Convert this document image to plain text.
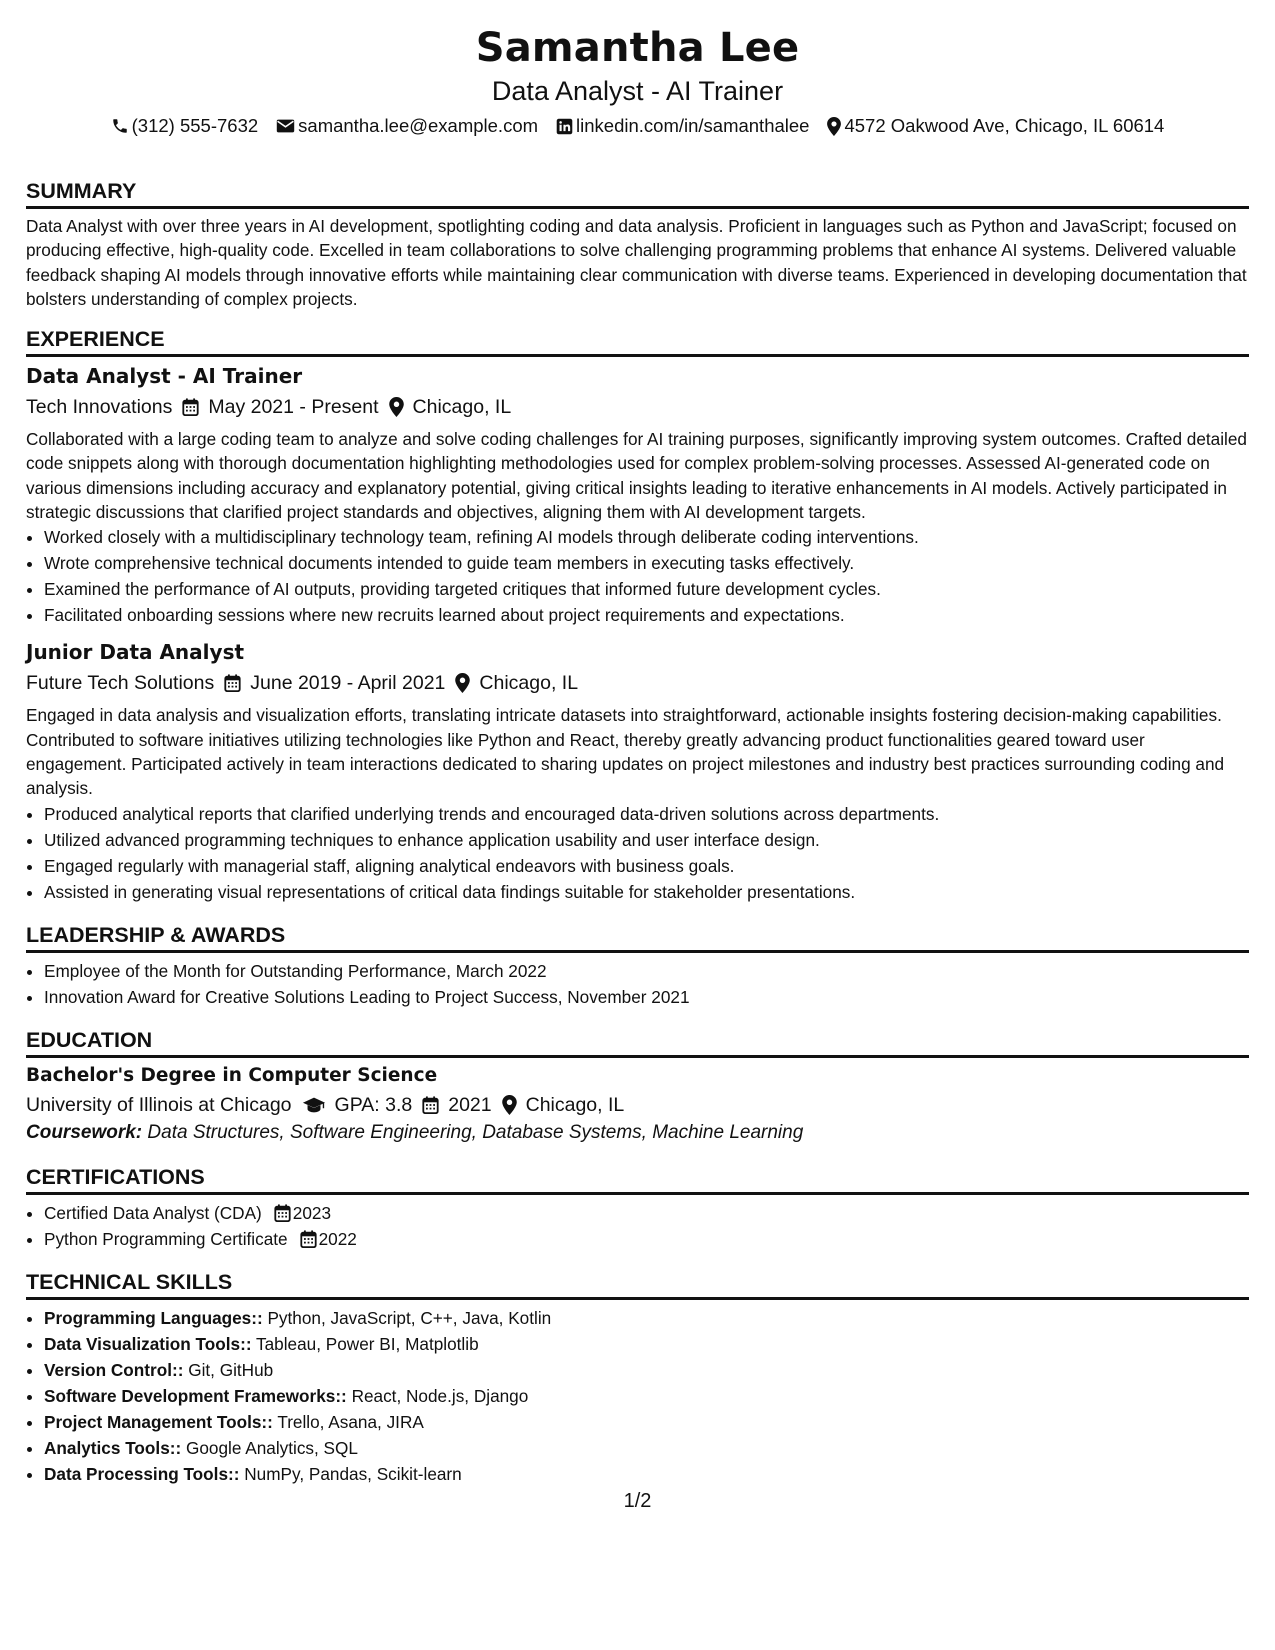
Samantha Lee
Data Analyst - AI Trainer
(312) 555-7632 samantha.lee@example.com linkedin.com/in/samanthalee 4572 Oakwood Ave, Chicago, IL 60614
SUMMARY

Data Analyst with over three years in AI development, spotlighting coding and data analysis. Proficient in languages such as Python and JavaScript; focused on producing effective, high-quality code. Excelled in team collaborations to solve challenging programming problems that enhance AI systems. Delivered valuable feedback shaping AI models through innovative efforts while maintaining clear communication with diverse teams. Experienced in developing documentation that bolsters understanding of complex projects.

EXPERIENCE
Data Analyst - AI Trainer
Tech Innovations May 2021 - Present Chicago, IL

Collaborated with a large coding team to analyze and solve coding challenges for AI training purposes, significantly improving system outcomes. Crafted detailed code snippets along with thorough documentation highlighting methodologies used for complex problem-solving processes. Assessed AI-generated code on various dimensions including accuracy and explanatory potential, giving critical insights leading to iterative enhancements in AI models. Actively participated in strategic discussions that clarified project standards and objectives, aligning them with AI development targets.

• Worked closely with a multidisciplinary technology team, refining AI models through deliberate coding interventions.
• Wrote comprehensive technical documents intended to guide team members in executing tasks effectively.
• Examined the performance of AI outputs, providing targeted critiques that informed future development cycles.
• Facilitated onboarding sessions where new recruits learned about project requirements and expectations.
Junior Data Analyst
Future Tech Solutions June 2019 - April 2021 Chicago, IL

Engaged in data analysis and visualization efforts, translating intricate datasets into straightforward, actionable insights fostering decision-making capabilities. Contributed to software initiatives utilizing technologies like Python and React, thereby greatly advancing product functionalities geared toward user engagement. Participated actively in team interactions dedicated to sharing updates on project milestones and industry best practices surrounding coding and analysis.

• Produced analytical reports that clarified underlying trends and encouraged data-driven solutions across departments.
• Utilized advanced programming techniques to enhance application usability and user interface design.
• Engaged regularly with managerial staff, aligning analytical endeavors with business goals.
• Assisted in generating visual representations of critical data findings suitable for stakeholder presentations.
LEADERSHIP & AWARDS
• Employee of the Month for Outstanding Performance, March 2022
• Innovation Award for Creative Solutions Leading to Project Success, November 2021
EDUCATION
Bachelor's Degree in Computer Science
University of Illinois at Chicago GPA: 3.8 2021 Chicago, IL
Coursework: Data Structures, Software Engineering, Database Systems, Machine Learning
CERTIFICATIONS
• Certified Data Analyst (CDA) 2023
• Python Programming Certificate 2022
TECHNICAL SKILLS
• Programming Languages:: Python, JavaScript, C++, Java, Kotlin
• Data Visualization Tools:: Tableau, Power BI, Matplotlib
• Version Control:: Git, GitHub
• Software Development Frameworks:: React, Node.js, Django
• Project Management Tools:: Trello, Asana, JIRA
• Analytics Tools:: Google Analytics, SQL
• Data Processing Tools:: NumPy, Pandas, Scikit-learn
1/2
